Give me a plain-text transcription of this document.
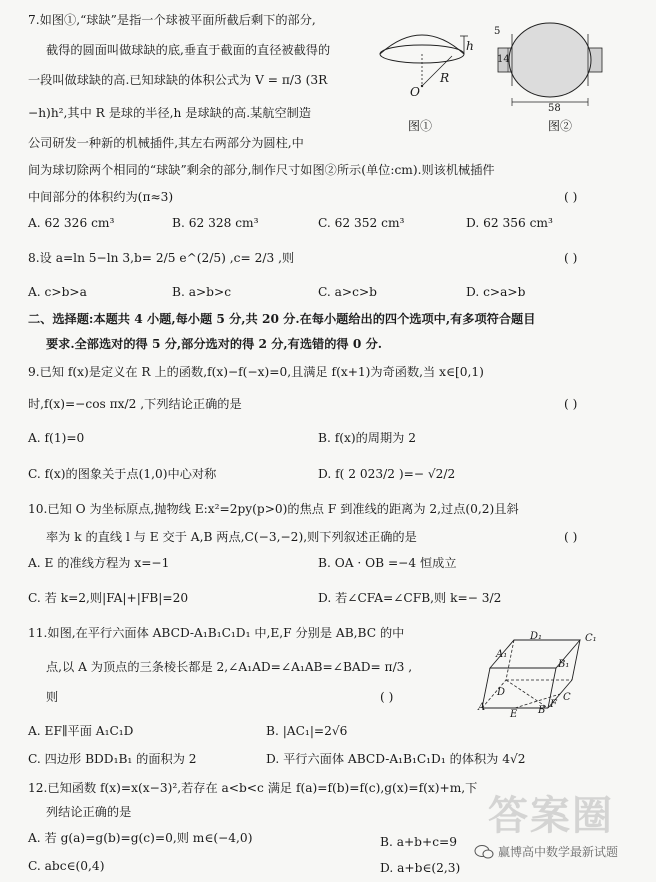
7.如图①,“球缺”是指一个球被平面所截后剩下的部分,
截得的圆面叫做球缺的底,垂直于截面的直径被截得的
一段叫做球缺的高.已知球缺的体积公式为 V = π/3 (3R
−h)h²,其中 R 是球的半径,h 是球缺的高.某航空制造
公司研发一种新的机械插件,其左右两部分为圆柱,中
间为球切除两个相同的“球缺”剩余的部分,制作尺寸如图②所示(单位:cm).则该机械插件
中间部分的体积约为(π≈3)	( )
A. 62 326 cm³	B. 62 328 cm³	C. 62 352 cm³	D. 62 356 cm³
h
R
O
图①
5
14
58
图②
8.设 a=ln 5−ln 3,b= 2/5 e^(2/5) ,c= 2/3 ,则	( )
A. c>b>a	B. a>b>c	C. a>c>b	D. c>a>b
二、选择题:本题共 4 小题,每小题 5 分,共 20 分.在每小题给出的四个选项中,有多项符合题目
要求.全部选对的得 5 分,部分选对的得 2 分,有选错的得 0 分.
9.已知 f(x)是定义在 R 上的函数,f(x)−f(−x)=0,且满足 f(x+1)为奇函数,当 x∈[0,1)
时,f(x)=−cos πx/2 ,下列结论正确的是	( )
A. f(1)=0	B. f(x)的周期为 2
C. f(x)的图象关于点(1,0)中心对称	D. f( 2 023/2 )=− √2/2
10.已知 O 为坐标原点,抛物线 E:x²=2py(p>0)的焦点 F 到准线的距离为 2,过点(0,2)且斜
率为 k 的直线 l 与 E 交于 A,B 两点,C(−3,−2),则下列叙述正确的是	( )
A. E 的准线方程为 x=−1	B. OA · OB =−4 恒成立
C. 若 k=2,则|FA|+|FB|=20	D. 若∠CFA=∠CFB,则 k=− 3/2
11.如图,在平行六面体 ABCD-A₁B₁C₁D₁ 中,E,F 分别是 AB,BC 的中
点,以 A 为顶点的三条棱长都是 2,∠A₁AD=∠A₁AB=∠BAD= π/3 ,
则	( )
A. EF∥平面 A₁C₁D	B. |AC₁|=2√6
C. 四边形 BDD₁B₁ 的面积为 2	D. 平行六面体 ABCD-A₁B₁C₁D₁ 的体积为 4√2
D₁	C₁
A₁
B₁
D	C
A
E B
F
12.已知函数 f(x)=x(x−3)²,若存在 a<b<c 满足 f(a)=f(b)=f(c),g(x)=f(x)+m,下
列结论正确的是
A. 若 g(a)=g(b)=g(c)=0,则 m∈(−4,0)	B. a+b+c=9
C. abc∈(0,4)	D. a+b∈(2,3)
答案圈
赢博高中数学最新试题
